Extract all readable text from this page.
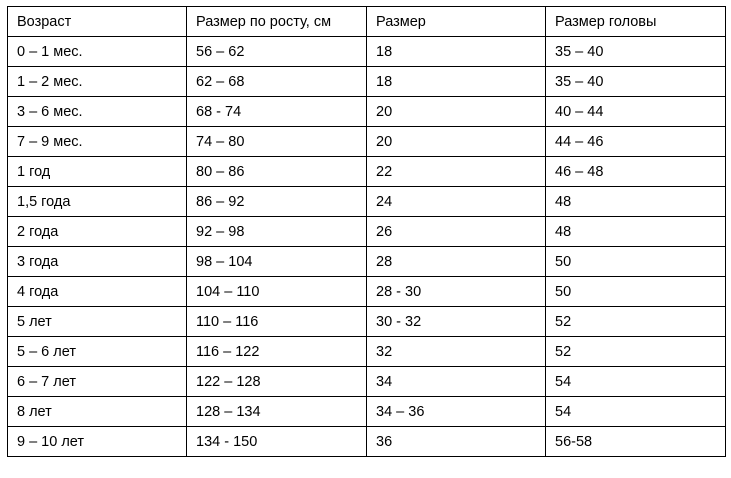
Возраст	Размер по росту, см	Размер	Размер головы
0 – 1 мес.	56 – 62	18	35 – 40
1 – 2 мес.	62 – 68	18	35 – 40
3 – 6 мес.	68 - 74	20	40 – 44
7 – 9 мес.	74 – 80	20	44 – 46
1 год	80 – 86	22	46 – 48
1,5 года	86 – 92	24	48
2 года	92 – 98	26	48
3 года	98 – 104	28	50
4 года	104 – 110	28 - 30	50
5 лет	110 – 116	30 - 32	52
5 – 6 лет	116 – 122	32	52
6 – 7 лет	122 – 128	34	54
8 лет	128 – 134	34 – 36	54
9 – 10 лет	134 - 150	36	56-58
